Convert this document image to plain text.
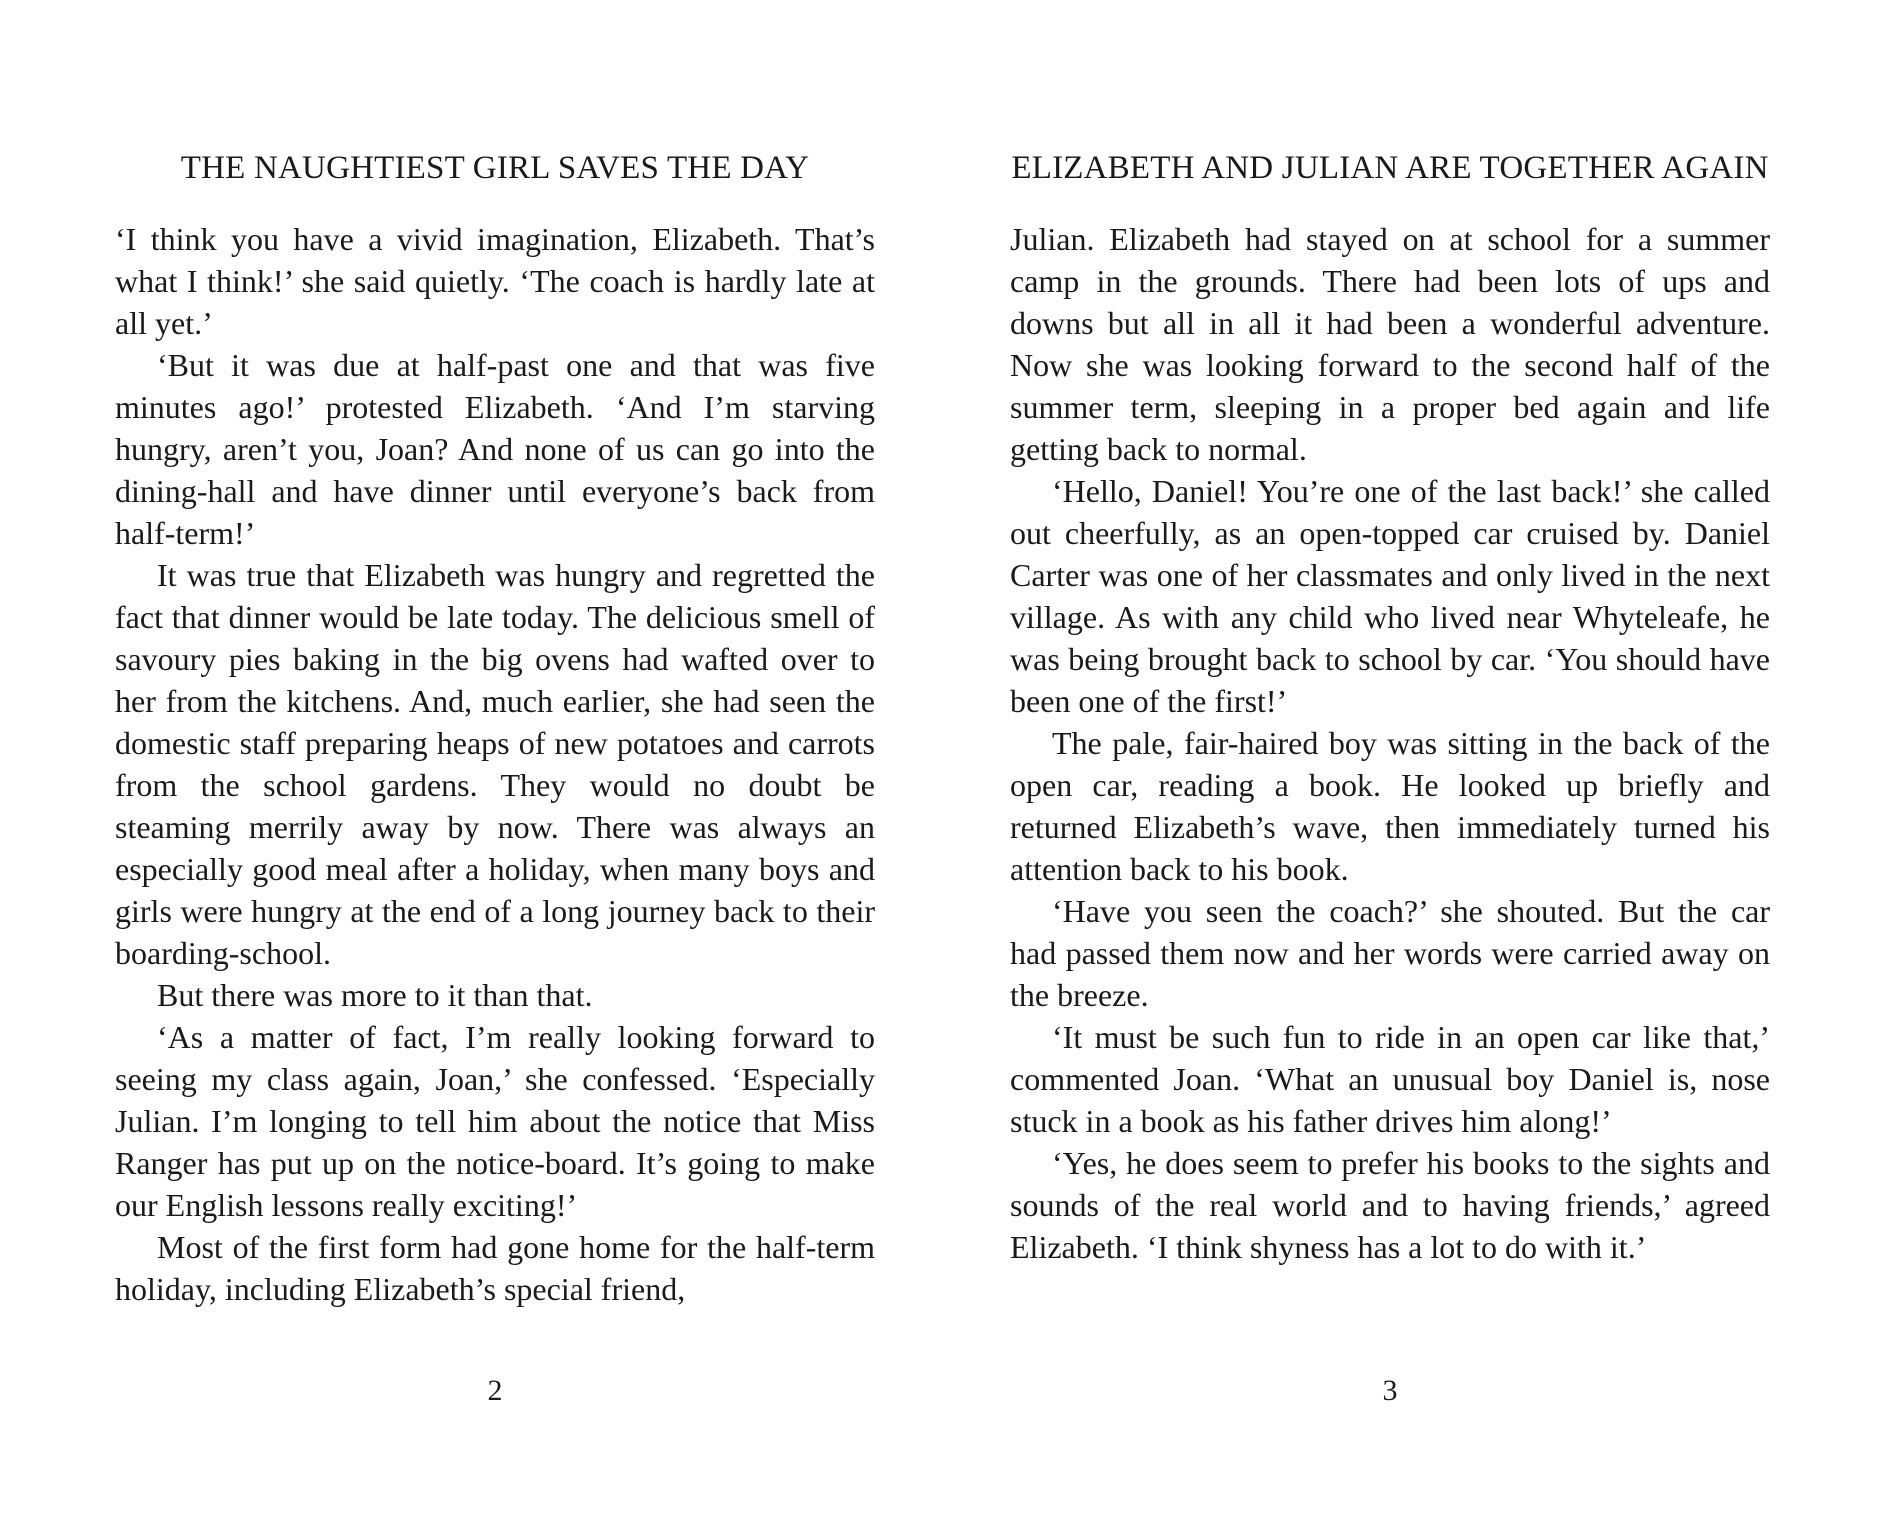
THE NAUGHTIEST GIRL SAVES THE DAY

‘I think you have a vivid imagination, Elizabeth. That’s what I think!’ she said quietly. ‘The coach is hardly late at all yet.’

‘But it was due at half-past one and that was five minutes ago!’ protested Elizabeth. ‘And I’m starving hungry, aren’t you, Joan? And none of us can go into the dining-hall and have dinner until everyone’s back from half-term!’

It was true that Elizabeth was hungry and regretted the fact that dinner would be late today. The delicious smell of savoury pies baking in the big ovens had wafted over to her from the kitchens. And, much earlier, she had seen the domestic staff preparing heaps of new potatoes and carrots from the school gardens. They would no doubt be steaming merrily away by now. There was always an especially good meal after a holiday, when many boys and girls were hungry at the end of a long journey back to their boarding-school.

But there was more to it than that.

‘As a matter of fact, I’m really looking forward to seeing my class again, Joan,’ she confessed. ‘Especially Julian. I’m longing to tell him about the notice that Miss Ranger has put up on the notice-board. It’s going to make our English lessons really exciting!’

Most of the first form had gone home for the half-term holiday, including Elizabeth’s special friend,

2
ELIZABETH AND JULIAN ARE TOGETHER AGAIN

Julian. Elizabeth had stayed on at school for a summer camp in the grounds. There had been lots of ups and downs but all in all it had been a wonderful adventure. Now she was looking forward to the second half of the summer term, sleeping in a proper bed again and life getting back to normal.

‘Hello, Daniel! You’re one of the last back!’ she called out cheerfully, as an open-topped car cruised by. Daniel Carter was one of her classmates and only lived in the next village. As with any child who lived near Whyteleafe, he was being brought back to school by car. ‘You should have been one of the first!’

The pale, fair-haired boy was sitting in the back of the open car, reading a book. He looked up briefly and returned Elizabeth’s wave, then immediately turned his attention back to his book.

‘Have you seen the coach?’ she shouted. But the car had passed them now and her words were carried away on the breeze.

‘It must be such fun to ride in an open car like that,’ commented Joan. ‘What an unusual boy Daniel is, nose stuck in a book as his father drives him along!’

‘Yes, he does seem to prefer his books to the sights and sounds of the real world and to having friends,’ agreed Elizabeth. ‘I think shyness has a lot to do with it.’

3
